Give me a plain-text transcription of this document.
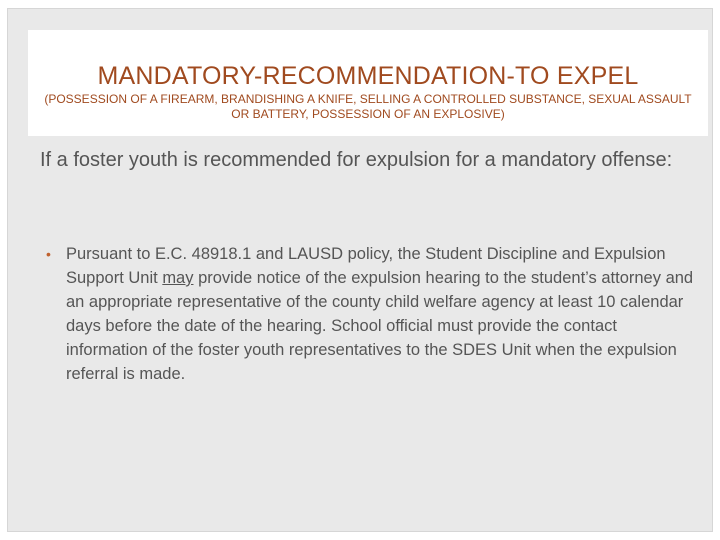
MANDATORY-RECOMMENDATION-TO EXPEL
(POSSESSION OF A FIREARM, BRANDISHING A KNIFE, SELLING A CONTROLLED SUBSTANCE, SEXUAL ASSAULT OR BATTERY, POSSESSION OF AN EXPLOSIVE)
If a foster youth is recommended for expulsion for a mandatory offense:
• Pursuant to E.C. 48918.1 and LAUSD policy, the Student Discipline and Expulsion Support Unit may provide notice of the expulsion hearing to the student’s attorney and an appropriate representative of the county child welfare agency at least 10 calendar days before the date of the hearing. School official must provide the contact information of the foster youth representatives to the SDES Unit when the expulsion referral is made.
